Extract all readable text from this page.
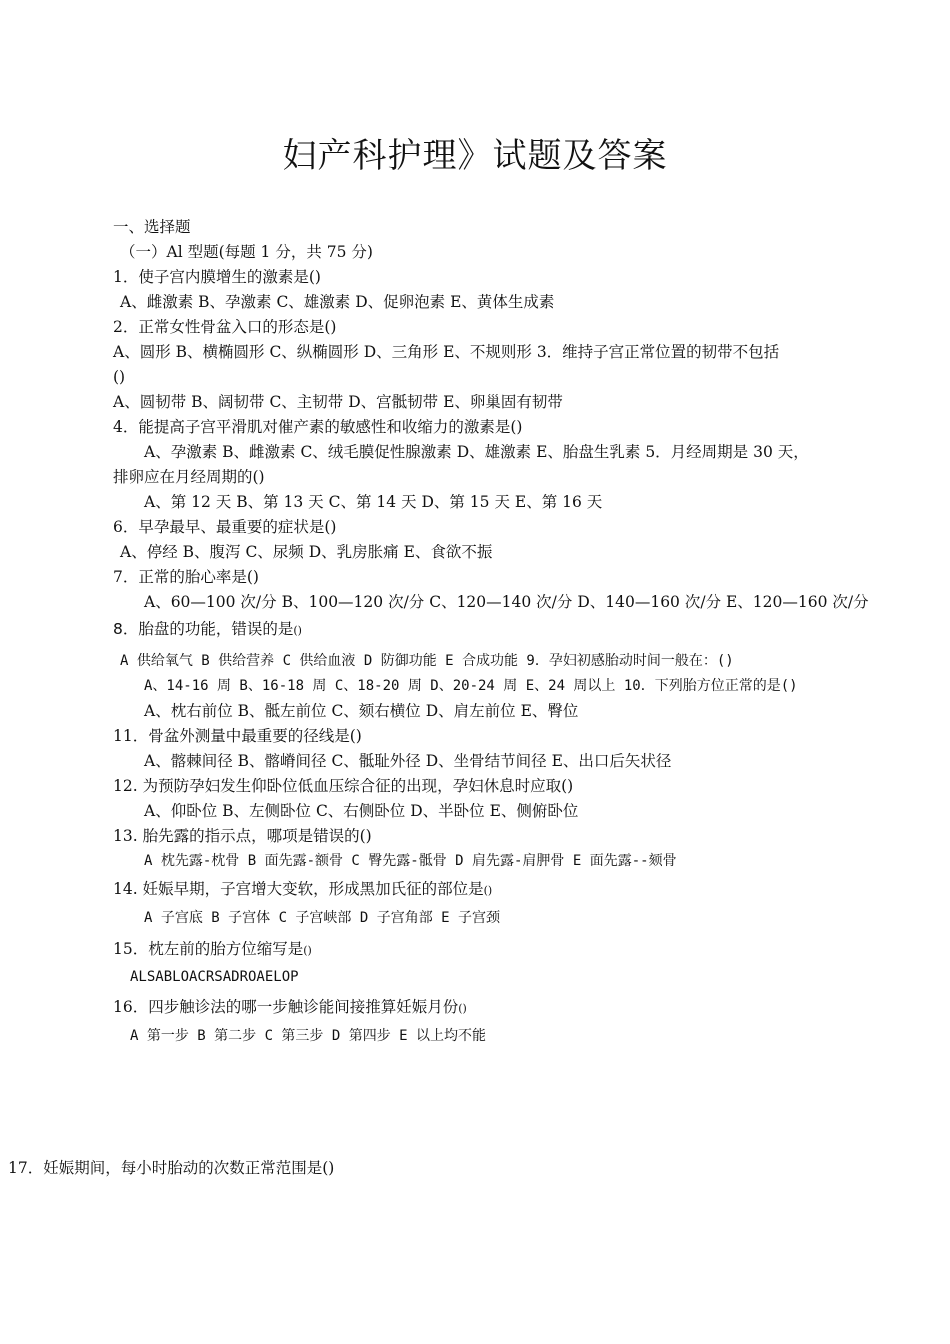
妇产科护理》试题及答案
一、选择题
（一）Al 型题(每题 1 分，共 75 分)
1．使子宫内膜增生的激素是()
A、雌激素 B、孕激素 C、雄激素 D、促卵泡素 E、黄体生成素
2．正常女性骨盆入口的形态是()
A、圆形 B、横椭圆形 C、纵椭圆形 D、三角形 E、不规则形 3．维持子宫正常位置的韧带不包括
()
A、圆韧带 B、阔韧带 C、主韧带 D、宫骶韧带 E、卵巢固有韧带
4．能提高子宫平滑肌对催产素的敏感性和收缩力的激素是()
A、孕激素 B、雌激素 C、绒毛膜促性腺激素 D、雄激素 E、胎盘生乳素 5．月经周期是 30 天，
排卵应在月经周期的()
A、第 12 天 B、第 13 天 C、第 14 天 D、第 15 天 E、第 16 天
6．早孕最早、最重要的症状是()
A、停经 B、腹泻 C、尿频 D、乳房胀痛 E、食欲不振
7．正常的胎心率是()
A、60—100 次/分 B、100—120 次/分 C、120—140 次/分 D、140—160 次/分 E、120—160 次/分
8．胎盘的功能，错误的是()
A 供给氧气 B 供给营养 C 供给血液 D 防御功能 E 合成功能 9．孕妇初感胎动时间一般在：()
A、14-16 周 B、16-18 周 C、18-20 周 D、20-24 周 E、24 周以上 10．下列胎方位正常的是()
A、枕右前位 B、骶左前位 C、颏右横位 D、肩左前位 E、臀位
11．骨盆外测量中最重要的径线是()
A、髂棘间径 B、髂嵴间径 C、骶耻外径 D、坐骨结节间径 E、出口后矢状径
12. 为预防孕妇发生仰卧位低血压综合征的出现，孕妇休息时应取()
A、仰卧位 B、左侧卧位 C、右侧卧位 D、半卧位 E、侧俯卧位
13. 胎先露的指示点，哪项是错误的()
A 枕先露-枕骨 B 面先露-额骨 C 臀先露-骶骨 D 肩先露-肩胛骨 E 面先露--颏骨
14. 妊娠早期，子宫增大变软，形成黑加氏征的部位是()
A 子宫底 B 子宫体 C 子宫峡部 D 子宫角部 E 子宫颈
15．枕左前的胎方位缩写是()
ALSABLOACRSADROAELOP
16．四步触诊法的哪一步触诊能间接推算妊娠月份()
A 第一步 B 第二步 C 第三步 D 第四步 E 以上均不能
17．妊娠期间，每小时胎动的次数正常范围是()
